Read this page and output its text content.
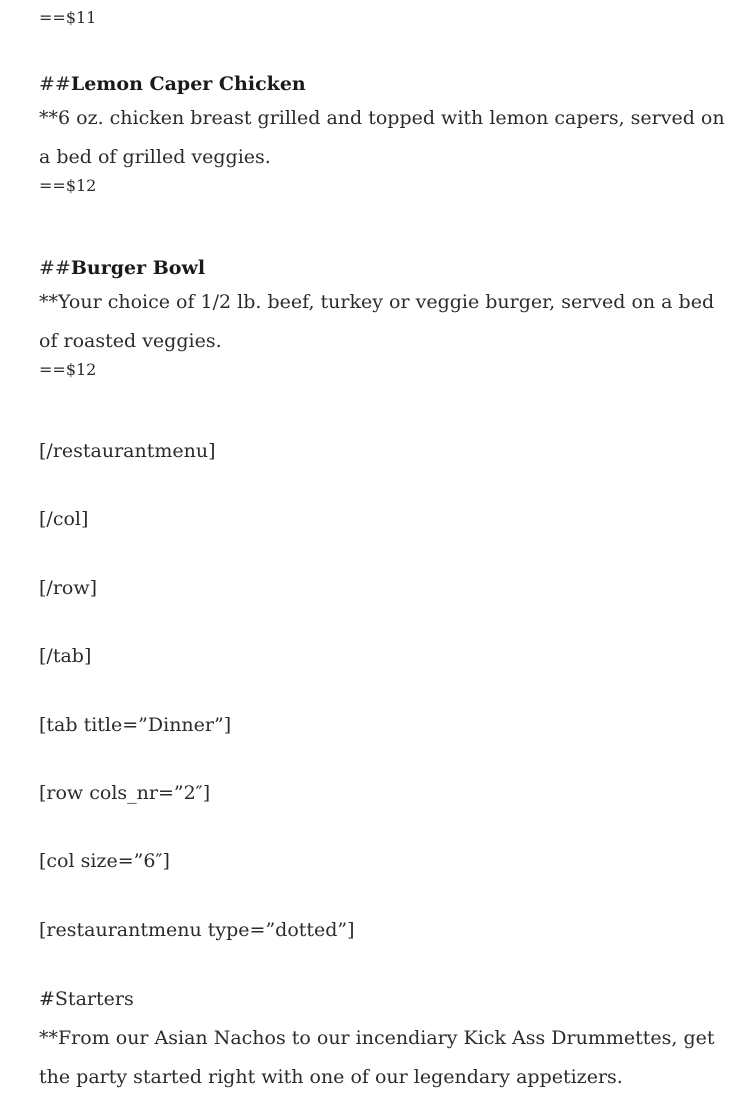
==$11
##Lemon Caper Chicken

**6 oz. chicken breast grilled and topped with lemon capers, served on a bed of grilled veggies.

==$12
##Burger Bowl

**Your choice of 1/2 lb. beef, turkey or veggie burger, served on a bed of roasted veggies.

==$12
[/restaurantmenu]
[/col]
[/row]
[/tab]
[tab title=”Dinner”]
[row cols_nr=”2″]
[col size=”6″]
[restaurantmenu type=”dotted”]
#Starters

**From our Asian Nachos to our incendiary Kick Ass Drummettes, get the party started right with one of our legendary appetizers.
